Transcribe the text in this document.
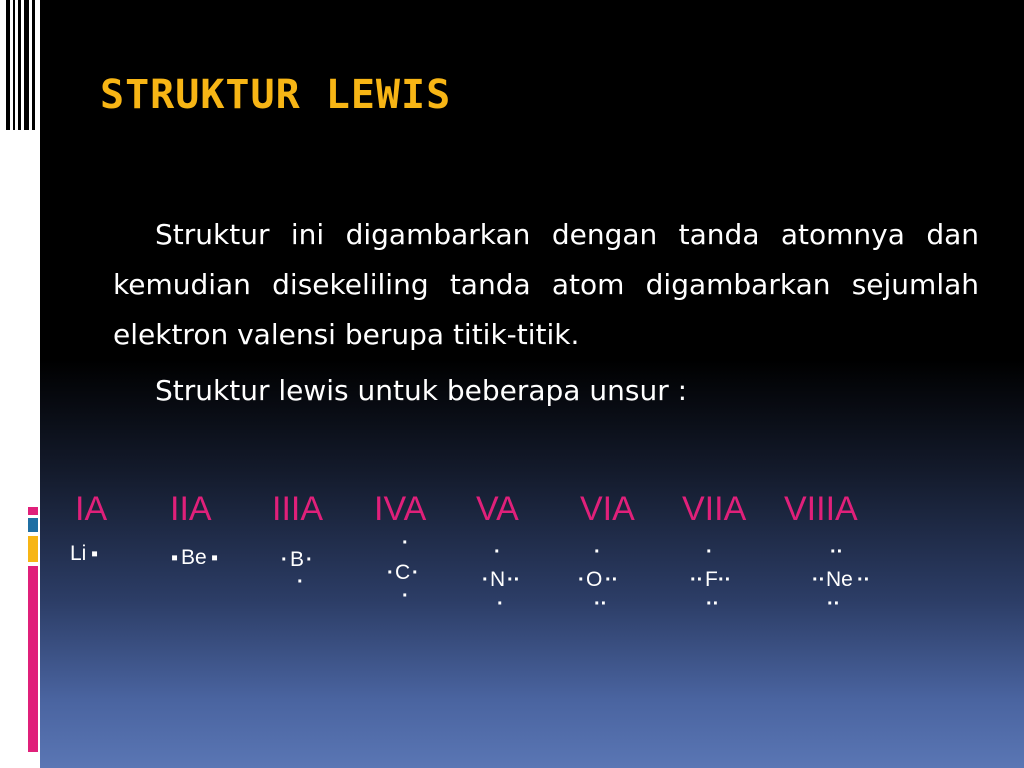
STRUKTUR LEWIS

Struktur ini digambarkan dengan tanda atomnya dan kemudian disekeliling tanda atom digambarkan sejumlah elektron valensi berupa titik-titik.

Struktur lewis untuk beberapa unsur :

IA IIA IIIA IVA VA VIA VIIA VIIIA
Li ▪	▪ Be ▪	· B ·
·
·
· C ·
·
·
· N ··
·
·
· O ··
··
·
·· F ··
··
··
·· Ne ··
··
